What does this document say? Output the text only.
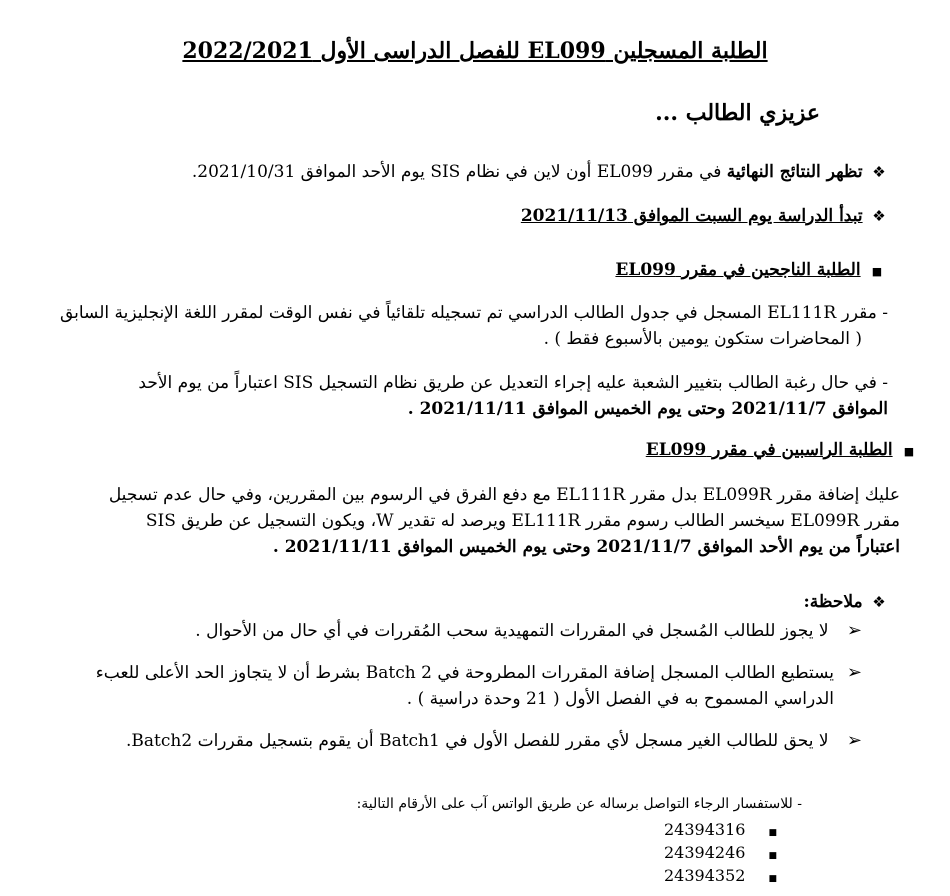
الطلبة المسجلين EL099 للفصل الدراسى الأول 2022/2021
عزيزي الطالب ...
❖ تظهر النتائج النهائية في مقرر EL099 أون لاين في نظام SIS يوم الأحد الموافق 2021/10/31.
❖ تبدأ الدراسة يوم السبت الموافق 2021/11/13
■ الطلبة الناجحين في مقرر EL099
- مقرر EL111R المسجل في جدول الطالب الدراسي تم تسجيله تلقائياً في نفس الوقت لمقرر اللغة الإنجليزية السابق
( المحاضرات ستكون يومين بالأسبوع فقط ) .
- في حال رغبة الطالب بتغيير الشعبة عليه إجراء التعديل عن طريق نظام التسجيل SIS اعتباراً من يوم الأحد
الموافق 2021/11/7 وحتى يوم الخميس الموافق 2021/11/11 .
■ الطلبة الراسبين في مقرر EL099
عليك إضافة مقرر EL099R بدل مقرر EL111R مع دفع الفرق في الرسوم بين المقررين، وفي حال عدم تسجيل
مقرر EL099R سيخسر الطالب رسوم مقرر EL111R ويرصد له تقدير W، ويكون التسجيل عن طريق SIS
اعتباراً من يوم الأحد الموافق 2021/11/7 وحتى يوم الخميس الموافق 2021/11/11 .
❖ ملاحظة:
➢ لا يجوز للطالب المُسجل في المقررات التمهيدية سحب المُقررات في أي حال من الأحوال .
➢يستطيع الطالب المسجل إضافة المقررات المطروحة في Batch 2 بشرط أن لا يتجاوز الحد الأعلى للعبء
الدراسي المسموح به في الفصل الأول ( 21 وحدة دراسية ) .
➢ لا يحق للطالب الغير مسجل لأي مقرر للفصل الأول في Batch1 أن يقوم بتسجيل مقررات Batch2.
- للاستفسار الرجاء التواصل برساله عن طريق الواتس آب على الأرقام التالية:
24394316	■
24394246	■
24394352	■
